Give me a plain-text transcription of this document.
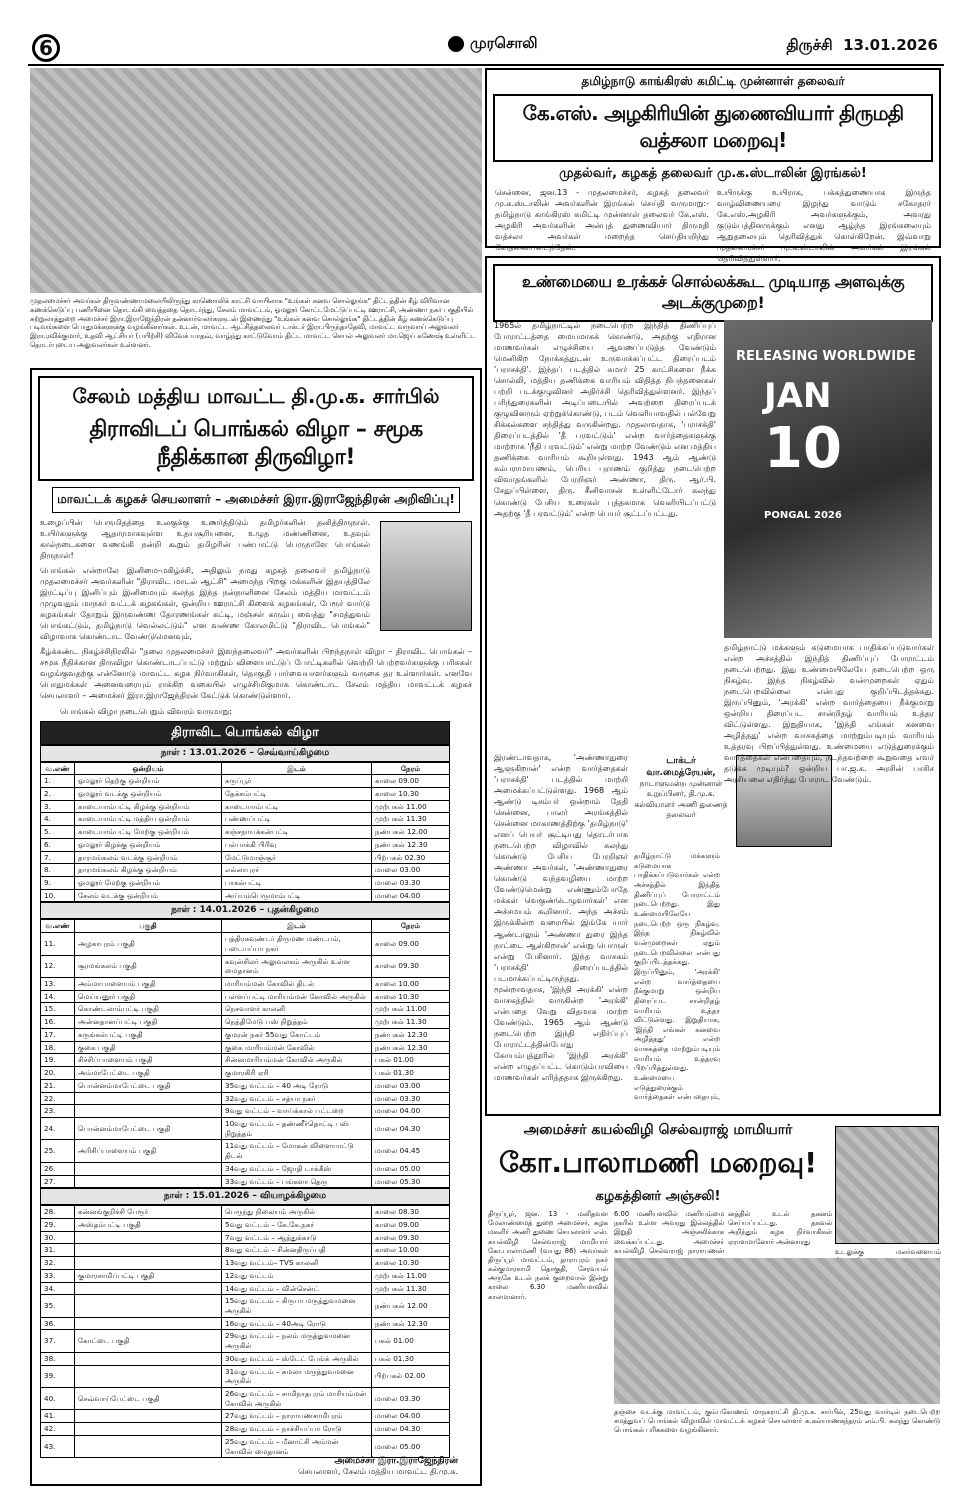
6	முரசொலி	திருச்சி 13.01.2026
முதலமைச்சர் அவர்கள் திருவண்ணாமலையிலிருந்து காணொலிக் காட்சி வாயிலாக "உங்கள் கனவ சொல்லுங்க" திட்டத்தின் கீழ் விரிவான கணக்கெடுப்பு பணியினை தொடங்கி வைத்ததை தொடர்ந்து, சேலம் மாவட்டம், ஓமலூர் கோட்டமேட்டுப்பட்டி ஊராட்சி, அண்ணா நகர் பகுதியில் சுற்றுலாத்துறை அமைச்சர் இரா.இராஜேந்திரன் தன்னார்வலர்களுடன் இணைந்து "உங்கள் கனவ சொல்லுங்க" திட்டத்தின் கீழ் கணக்கெடுப்பு படிவங்களை பொதுமக்களுக்கு வழங்கினார்கள். உடன், மாவட்ட ஆட்சித்தலைவர் டாக்டர் இரா.பிருந்தாதேவி, மாவட்ட வருவாய் அலுவலர் இரா.ரவிக்குமார், உதவி ஆட்சியர் (பயிற்சி) விவேக் யாதவ், வாழ்ந்து காட்டுவோம் திட்ட மாவட்ட செயல் அலுவலர் மா.ஜெய் கணேஷ் உள்ளிட்ட தொடர்புடைய அலுவலர்கள் உள்ளனர்.
சேலம் மத்திய மாவட்ட தி.மு.க. சார்பில்
திராவிடப் பொங்கல் விழா – சமூக நீதிக்கான திருவிழா!
மாவட்டக் கழகச் செயலாளர் – அமைச்சர் இரா.இராஜேந்திரன் அறிவிப்பு!

உழைப்பின் பெருமிதத்தை உலகுக்கு உணர்த்திடும் தமிழர்களின் தனித்திருநாள். உயிர்களுக்கு ஆதாரமாகவுள்ள உதயசூரியனை, உழுத மண்ணினை, உதவும் கால்நடைகளை வணங்கி நன்றி கூறும் தமிழரின் பண்பாட்டு பெருநாளே பொங்கல் திருநாள்!

பொங்கல் என்றாலே இனிமை-மகிழ்ச்சி, அதிலும் நமது கழகத் தலைவர் தமிழ்நாடு முதலமைச்சர் அவர்களின் "திராவிட மாடல் ஆட்சி" அமைந்த பிறகு மக்களின் இதயத்திலே இரட்டிப்பு இனிப்பும் இனிமையும் கலந்த இந்த நன்நாளினை சேலம் மத்திய மாவட்டம் முழுவதும் மாநகர் வட்டக் கழகங்கள், ஒன்றிய ஊராட்சி கிளைக் கழகங்கள், பேரூர் வார்டு கழகங்கள் தோறும் இருவண்ண தோரணங்கள் கட்டி, மஞ்சள் கரும்பு வைத்து "சமத்துவம் பொங்கட்டும், தமிழ்நாடு வெல்லட்டும்" என வண்ண கோலமிட்டு "திராவிட பொங்கல்" விழாவாக கொண்டாட வேண்டுமெனவும்,

கீழ்க்கண்ட நிகழ்ச்சிநிரலில் "தலை முதலமைச்சர் இளந்தலைவர்" அவர்களின் பிறந்தநாள் விழா – திராவிட பொங்கல் – சமூக நீதிக்கான திருவிழா கொண்டாடப்பட்டு மற்றும் விளையாட்டுப் போட்டிகளில் வெற்றி பெற்றவர்களுக்கு பரிசுகள் வழங்குவதற்கு என்னோடு மாவட்ட கழக நிர்வாகிகள், தொகுதி பார்வையாளர்களும் வருகை தர உள்ளார்கள். எனவே பொதுமக்கள் அனைவரையும் ராக்கிற வகையில் எழுச்சிமிகுமாக கொண்டாட சேலம் மத்திய மாவட்டக் கழகச் செயலாளர் – அமைச்சர் இரா.இராஜேந்திரன் கேட்டுக் கொண்டுள்ளார்.

பொங்கல் விழா நடைபெறும் விவரம் வருமாறு:

திராவிட பொங்கல் விழா
நாள் : 13.01.2026 – செவ்வாய்கிழமை
வ.எண்	ஒன்றியம்	இடம்	நேரம்
1.	ஓமலூர் தெற்கு ஒன்றியம்	கருப்பூர்	காலை 09.00
2.	ஓமலூர் வடக்கு ஒன்றியம்	தேக்கம்பட்டி	காலை 10.30
3.	காடையாம்பட்டி கிழக்கு ஒன்றியம்	காடையாம்பட்டி	முற்பகல் 11.00
4.	காடையாம்பட்டி மத்திய ஒன்றியம்	பண்ணப்பட்டி	முற்பகல் 11.30
5.	காடையாம்பட்டி மேற்கு ஒன்றியம்	கஞ்சநாயக்கன்பட்டி	நண்பகல் 12.00
6.	ஓமலூர் கிழக்கு ஒன்றியம்	பல்பாக்கி பிரிவு	நண்பகல் 12.30
7.	தாரமங்கலம் வடக்கு ஒன்றியம்	மேட்டுமாஞ்சூர்	பிற்பகல் 02.30
8.	தாரமங்கலம் கிழக்கு ஒன்றியம்	எல்லாபுரர்	மாலை 03.00
9.	ஓமலூர் மேற்கு ஒன்றியம்	பாகல்பட்டி	மாலை 03.30
10.	சேலம் வடக்கு ஒன்றியம்	அய்யம்பெருமாம்பட்டி	மாலை 04.00
நாள் : 14.01.2026 – புதன்கிழமை
வ.எண்	பகுதி	இடம்	நேரம்
11.	அழகாபுரம் பகுதி	புத்திரகவுண்டர் திருமண மண்டபம், படையப்பா நகர்	காலை 09.00
12.	சூரமங்கலம் பகுதி	கவுன்சிலர் அலுவலகம் அருகில் உள்ள மைதானம்	காலை 09.30
13.	அம்மாபாளையம் பகுதி	மாரியம்மன் கோவில் திடல்	காலை 10.00
14.	மெய்யனூர் பகுதி	பள்ளப்பட்டி மாரியம்மன் கோவில் அருகில்	காலை 10.30
15.	கொண்டலாம்பட்டி பகுதி	நெசவாளர் காலனி	முற்பகல் 11.00
16.	அன்னதானப்பட்டி பகுதி	நெத்திமேடு பஸ் நிறுத்தம்	முற்பகல் 11.30
17.	கருங்கல்பட்டி பகுதி	குமரன் நகர் 55வது கோட்டம்	நண்பகல் 12.30
18.	குகை பகுதி	குகை மாரியம்மன் கோவில்	நண்பகல் 12.30
19.	சிச்சிப்பாளையம் பகுதி	சின்னமாரியம்மன் கோவில் அருகில்	பகல் 01.00
20.	அம்மாபேட்டை பகுதி	குமாரகிரி ஏரி	பகல் 01.30
21.	பொன்னம்மாபேட்டை பகுதி	35வது வட்டம் – 40 அடி ரோடு	மாலை 03.00
22.		32வது வட்டம் – சத்யா நகர்	மாலை 03.30
23.		9வது வட்டம் – வாய்க்கால் பட்டறை	மாலை 04.00
24.	பொன்னம்மாபேட்டை பகுதி	10வது வட்டம் – தண்ணீர்தொட்டி பஸ் நிறுத்தம்	மாலை 04.30
25.	அரிசிப்பாளையம் பகுதி	11வது வட்டம் – மோகன் விளையாட்டு திடல்	மாலை 04.45
26.		34வது வட்டம் – ஜோதி டாக்கீஸ்	மாலை 05.00
27.		33வது வட்டம் – பங்களா தெரு	மாலை 05.30
நாள் : 15.01.2026 – வியாழக்கிழமை
28.	கன்னங்குறிச்சி பேரூர்	பெருந்து நிலையம் அருகில்	காலை 08.30
29.	அஸ்தம்பட்டி பகுதி	5வது வட்டம் – கே.கே.நகர்	காலை 09.00
30.		7வது வட்டம் – ஆத்துக்காடு	காலை 09.30
31.		8வது வட்டம் – சின்னதிருப்பதி	காலை 10.00
32.		13வது வட்டம்– TVS காலனி	காலை 10.30
33.	குமாரசாமிப்பட்டி பகுதி	12வது வட்டம்	முற்பகல் 11.00
34.		14வது வட்டம் – வின்சென்ட்	முற்பகல் 11.30
35.		15வது வட்டம் – கிருபா மருத்துவமனை அருகில்	நண்பகல் 12.00
36.		16வது வட்டம் – 40அடி ரோடு	நண்பகல் 12.30
37.	கோட்டை பகுதி	29வது வட்டம் – நலம் மருத்துவமனை அருகில்	பகல் 01.00
38.		30வது வட்டம் – ஸ்டேட் பேங்க் அருகில்	பகல் 01.30
39.		31வது வட்டம் – கமலா மருத்துவமனை அருகில்	பிற்பகல் 02.00
40.	செவ்வாய்பேட்டை பகுதி	26வது வட்டம் – சாமிநாதபுரம் மாரியம்மன் கோவில் அருகில்	மாலை 03.30
41.		27வது வட்டம் – நாராயணசாமிபுரம்	மாலை 04.00
42.		28வது வட்டம் – நாச்சியப்பா ரோடு	மாலை 04.30
43.		25வது வட்டம் – மீனாட்சி அம்மன் கோவில் மைதானம்	மாலை 05.00
அமைச்சர் இரா.இராஜேந்திரன்
செயலாளர், சேலம் மத்திய மாவட்ட தி.மு.க.
தமிழ்நாடு காங்கிரஸ் கமிட்டி முன்னாள் தலைவர்
கே.எஸ். அழகிரியின் துணைவியார் திருமதி வத்சலா மறைவு!
முதல்வர், கழகத் தலைவர் மு.க.ஸ்டாலின் இரங்கல்!
சென்னை, ஜன.13 - முதலமைச்சர், கழகத் தலைவர் மு.க.ஸ்டாலின் அவர்களின் இரங்கல் செய்தி வருமாறு:- தமிழ்நாடு காங்கிரஸ் கமிட்டி முன்னாள் தலைவர் கே.எஸ். அழகிரி அவர்களின் அன்புத் துணைவியார் திருமதி வத்சலா அவர்கள் மறைந்த செய்தியறிந்து வேதனையடைந்தேன்.
உயிருக்கு உயிராக, பக்கத்துணையாக இருந்த வாழ்விணையரை இழந்து வாடும் சகோதரர் கே.எஸ்.அழகிரி அவர்களுக்கும், அவரது குடும்பத்தினருக்கும் எனது ஆழ்ந்த இரங்கலையும் ஆறுதலையும் தெரிவித்துக் கொள்கிறேன். இவ்வாறு முதலமைச்சர் மு.க.ஸ்டாலின் அவர்கள் இரங்கல் தெரிவித்துள்ளார்.
உண்மையை உரக்கச் சொல்லக்கூட முடியாத அளவுக்கு அடக்குமுறை!
RELEASING WORLDWIDE
JAN
10
PONGAL 2026
1965ல் தமிழ்நாட்டில் நடைபெற்ற இந்தித் திணிப்புப் போராட்டத்தை மையமாகக் கொண்டு, அதற்கு எதிரான மாணவர்கள் எழுச்சியை ஆவணப்படுத்த வேண்டும் மெனிகிற நோக்கத்துடன் உருவாக்கப்பட்ட திரைப்படம் 'பராசக்தி'. இந்தப் படத்தில் சுமார் 25 காட்சிகளை நீக்க சொல்லி, மத்திய தணிக்கை வாரியம் விதித்த நிபந்தனைகள் பற்றி படக்குழுவினர் அதிர்ச்சி தெரிவித்துள்ளனர். இந்தப் பரிந்துரைகளின் அடிப்படையில் அவற்றை திரைப்படக் குழுவினரும் ஏற்றுக்கொண்டு, படம் வெளியாவதில் பல்வேறு சிக்கல்களை சந்தித்து வருகின்றது. முதலாவதாக, 'பராசக்தி' திரைப்படத்தில் 'தீ பரவட்டும்' என்ற வார்த்தைகளுக்கு மாற்றாக 'நீதி பரவட்டும்' என்று மாற்ற வேண்டும் என மத்திய தணிக்கை வாரியம் கூறியுள்ளது. 1943 ஆம் ஆண்டு கம்பராமாயணம், பெரிய புராணம் குறித்து நடைபெற்ற விவாதங்களில் பேரறிஞர் அண்ணா, திரு. ஆர்.பி. சேதுப்பிள்ளை, திரு. சீனிவாசன் உள்ளிட்டோர் கலந்து கொண்டு பேசிய உரைகள் புத்தகமாக வெளியிடப்பட்டு அதற்கு 'தீ பரவட்டும்' என்ற பெயர் சூட்டப்பட்டது.
இரண்டாவதாக, 'அண்ணாதுரை ஆளுகிறான்' என்ற வார்த்தைகள் 'பராசக்தி' படத்தில் மாற்றி அமைக்கப்பட்டுள்ளது. 1968 ஆம் ஆண்டு டிசம்பர் ஒன்றாம் தேதி சென்னை, பாலர் அரங்கத்தில் சென்னை மாகாணத்திற்கு 'தமிழ்நாடு' எனப் பெயர் சூட்டியது தொடர்பாக நடைபெற்ற விழாவில் கலந்து கொண்டு பேசிய பேரறிஞர் அண்ணா அவர்கள், 'அண்ணாதுரை கொண்டு வந்தவழியை மாற்ற வேண்டுமென்று எண்ணும்போதே மக்கள் வெகுண்டெழுவார்கள்' என அச்சமயம் கூறினார். அந்த அச்சம் இருக்கின்ற வரையில் இங்கே யார் ஆண்டாலும் 'அண்ணா துரை இந்த நாட்டை ஆள்கிறான்' என்று பொருள் என்று பேசினார். இந்த வாசகம் 'பராசக்தி' திரைப்படத்தில் படமாக்கப்பட்டிருந்தது. மூன்றாவதாக, 'இந்தி அரக்கி' என்ற வாசகத்தில் வருகின்ற 'அரக்கி' என்பதை வேறு விதமாக மாற்ற வேண்டும். 1965 ஆம் ஆண்டு நடைபெற்ற இந்தி எதிர்ப்புப் போராட்டத்தின்போது கோயம்புத்தூரில் 'இந்தி அரக்கி' என்ற எழுதப்பட்ட கொடும்பாவியை மாணவர்கள் எரித்ததாக இருக்கிறது.
டாக்டர்
வா.மைத்ரேயன்,
நாடாளுமன்ற முன்னாள் உறுப்பினர், தி.மு.க. கல்வியாளர் அணி துணைத் தலைவர்
தமிழ்நாட்டு மக்களும் கடுமையாக பாதிக்கப்படுவார்கள் என்ற அச்சத்தில் இந்தித் திணிப்புப் போராட்டம் நடைபெற்றது. இது உண்மையிலேயே நடைபெற்ற ஒரு நிகழ்வு. இந்த நிகழ்வில் வன்முறைகள் ஏதும் நடைபெறவில்லை என்பது குறிப்பிடத்தக்கது. இருப்பினும், 'அரக்கி' என்ற வார்த்தையை நீக்குமாறு ஒன்றிய திரைப்பட சான்றிதழ் வாரியம் உத்தர விட்டுள்ளது. இறுதியாக, 'இந்தி எங்கள் கனவை அழித்தது' என்ற வாசகத்தை மாற்றும்படியும் வாரியம் உத்தரவு பிறப்பித்துள்ளது. உண்மையை எடுத்துரைக்கும் வார்த்தைகள் என்பதையும், நடந்தவற்றை கூறுவதை எவர் தடுக்க முடியும்? ஒன்றிய பா.ஜ.க. அரசின் பாசிச அரசியலை எதிர்த்து போராட வேண்டும்.
தமிழ்நாட்டு மக்களும் கடுமையாக பாதிக்கப்படுவார்கள் என்ற அச்சத்தில் இந்தித் திணிப்புப் போராட்டம் நடைபெற்றது. இது உண்மையிலேயே நடைபெற்ற ஒரு நிகழ்வு. இந்த நிகழ்வில் வன்முறைகள் ஏதும் நடைபெறவில்லை என்பது குறிப்பிடத்தக்கது. இருப்பினும், 'அரக்கி' என்ற வார்த்தையை நீக்குமாறு ஒன்றிய திரைப்பட சான்றிதழ் வாரியம் உத்தர விட்டுள்ளது. இறுதியாக, 'இந்தி எங்கள் கனவை அழித்தது' என்ற வாசகத்தை மாற்றும்படியும் வாரியம் உத்தரவு பிறப்பித்துள்ளது. உண்மையை எடுத்துரைக்கும் வார்த்தைகள் என்பதையும்,
அமைச்சர் கயல்விழி செல்வராஜ் மாமியார்
கோ.பாலாமணி மறைவு!
கழகத்தினர் அஞ்சலி!
திருப்பூர், ஜன. 13 - மனிதவள மேலாண்மைத் துறை அமைச்சர், கழக மகளிர் அணி துணை செயலாளர் என். கயல்விழி செல்வராஜ் மாமியார் கோ.பாலாமணி (வயது 86) அவர்கள் திருப்பூர் மாவட்டம், தாராபுரம் நகர் கல்குமாரசாமி தொகுதி, சேரவயல் அருகே உடல் நலக் குறைவால் இன்று காலை 6.30 மணியளவில் காலமானார்.
6.00 மணியளவில் மணியம்மை நகரில் உள்ள அவரது இல்லத்தில் இறுதி அஞ்சலிக்காக வைக்கப்பட்டது. அமைச்சர் கயல்விழி செல்வராஜ் நாராயணன்
னத்தில் உடல் தகனம் செய்யப்பட்டது. தகவல் அறிந்தும் கழக நிர்வாகிகள் ஏராளமானோர் அன்னாரது
உடலுக்கு மலர்வளையம்
தஞ்சை வடக்கு மாவட்டம், கும்பகோணம் மாநகராட்சி தி.மு.க. சார்பில், 25வது வார்டில் நடைபெற்ற சமத்துவப் பொங்கல் விழாவில் மாவட்டக் கழகச் செயலாளர் சு.கல்யாணசுந்தரம் எம்.பி. கலந்து கொண்டு பொங்கல் பரிசுகளை வழங்கினார்.
